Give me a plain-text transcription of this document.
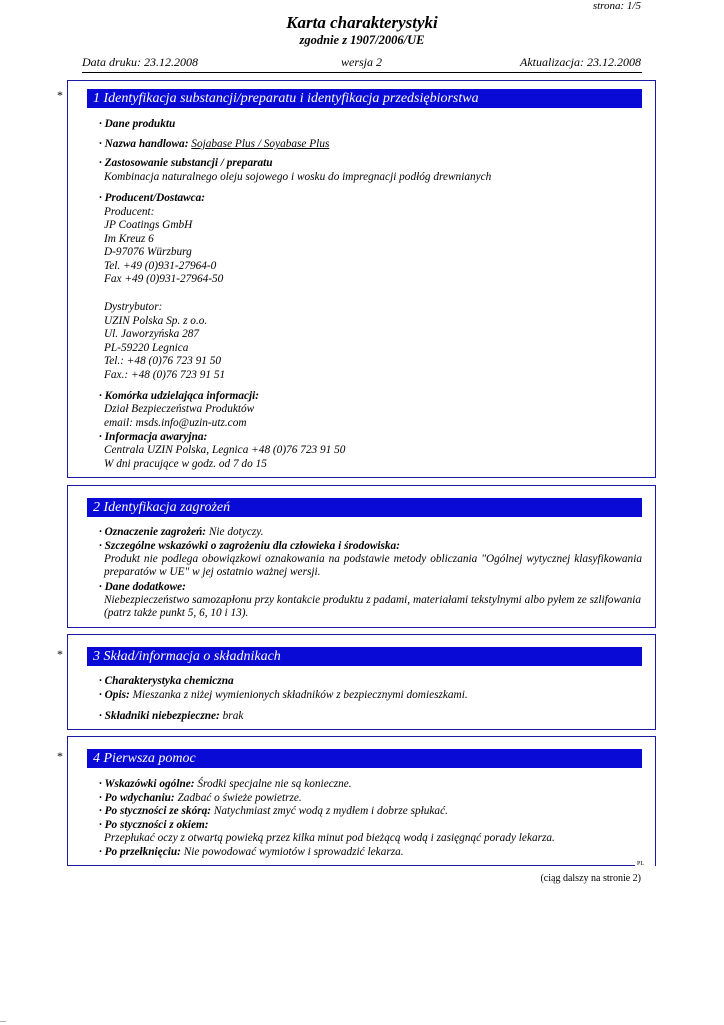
strona: 1/5
Karta charakterystyki
zgodnie z 1907/2006/UE
Data druku: 23.12.2008	wersja 2	Aktualizacja: 23.12.2008
*	1 Identyfikacja substancji/preparatu i identyfikacja przedsiębiorstwa
· Dane produktu
· Nazwa handlowa: Sojabase Plus / Soyabase Plus
· Zastosowanie substancji / preparatu
Kombinacja naturalnego oleju sojowego i wosku do impregnacji podłóg drewnianych
· Producent/Dostawca:
Producent:
JP Coatings GmbH
Im Kreuz 6
D-97076 Würzburg
Tel. +49 (0)931-27964-0
Fax +49 (0)931-27964-50
Dystrybutor:
UZIN Polska Sp. z o.o.
Ul. Jaworzyńska 287
PL-59220 Legnica
Tel.: +48 (0)76 723 91 50
Fax.: +48 (0)76 723 91 51
· Komórka udzielająca informacji:
Dział Bezpieczeństwa Produktów
email: msds.info@uzin-utz.com
· Informacja awaryjna:
Centrala UZIN Polska, Legnica +48 (0)76 723 91 50
W dni pracujące w godz. od 7 do 15
2 Identyfikacja zagrożeń
· Oznaczenie zagrożeń: Nie dotyczy.
· Szczególne wskazówki o zagrożeniu dla człowieka i środowiska:
Produkt nie podlega obowiązkowi oznakowania na podstawie metody obliczania "Ogólnej wytycznej klasyfikowania preparatów w UE" w jej ostatnio ważnej wersji.
· Dane dodatkowe:
Niebezpieczeństwo samozapłonu przy kontakcie produktu z padami, materiałami tekstylnymi albo pyłem ze szlifowania (patrz także punkt 5, 6, 10 i 13).
*	3 Skład/informacja o składnikach
· Charakterystyka chemiczna
· Opis: Mieszanka z niżej wymienionych składników z bezpiecznymi domieszkami.
· Składniki niebezpieczne: brak
*	4 Pierwsza pomoc
· Wskazówki ogólne: Środki specjalne nie są konieczne.
· Po wdychaniu: Zadbać o świeże powietrze.
· Po styczności ze skórą: Natychmiast zmyć wodą z mydłem i dobrze spłukać.
· Po styczności z okiem:
Przepłukać oczy z otwartą powieką przez kilka minut pod bieżącą wodą i zasięgnąć porady lekarza.
· Po przełknięciu: Nie powodować wymiotów i sprowadzić lekarza.
PL
(ciąg dalszy na stronie 2)
—
